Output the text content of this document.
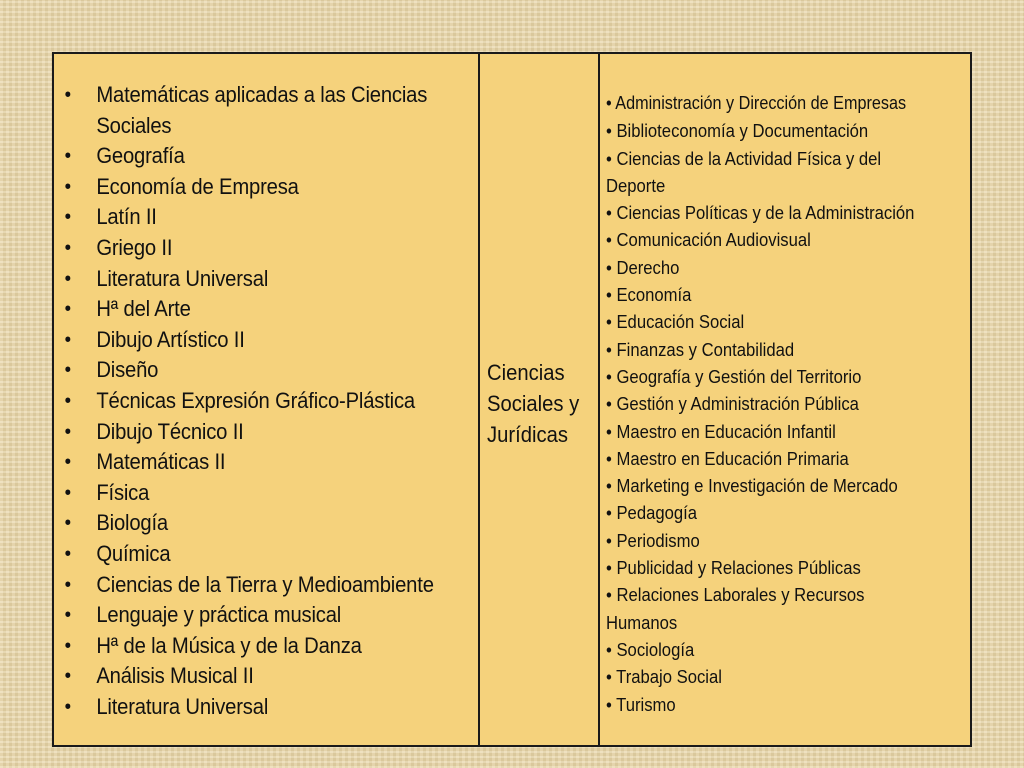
• Matemáticas aplicadas a las Ciencias Sociales
• Geografía
• Economía de Empresa
• Latín II
• Griego II
• Literatura Universal
• Hª del Arte
• Dibujo Artístico II
• Diseño
• Técnicas Expresión Gráfico-Plástica
• Dibujo Técnico II
• Matemáticas II
• Física
• Biología
• Química
• Ciencias de la Tierra y Medioambiente
• Lenguaje y práctica musical
• Hª de la Música y de la Danza
• Análisis Musical II
• Literatura Universal

Ciencias
Sociales y
Jurídicas

• Administración y Dirección de Empresas
• Biblioteconomía y Documentación
• Ciencias de la Actividad Física y del
Deporte
• Ciencias Políticas y de la Administración
• Comunicación Audiovisual
• Derecho
• Economía
• Educación Social
• Finanzas y Contabilidad
• Geografía y Gestión del Territorio
• Gestión y Administración Pública
• Maestro en Educación Infantil
• Maestro en Educación Primaria
• Marketing e Investigación de Mercado
• Pedagogía
• Periodismo
• Publicidad y Relaciones Públicas
• Relaciones Laborales y Recursos
Humanos
• Sociología
• Trabajo Social
• Turismo
